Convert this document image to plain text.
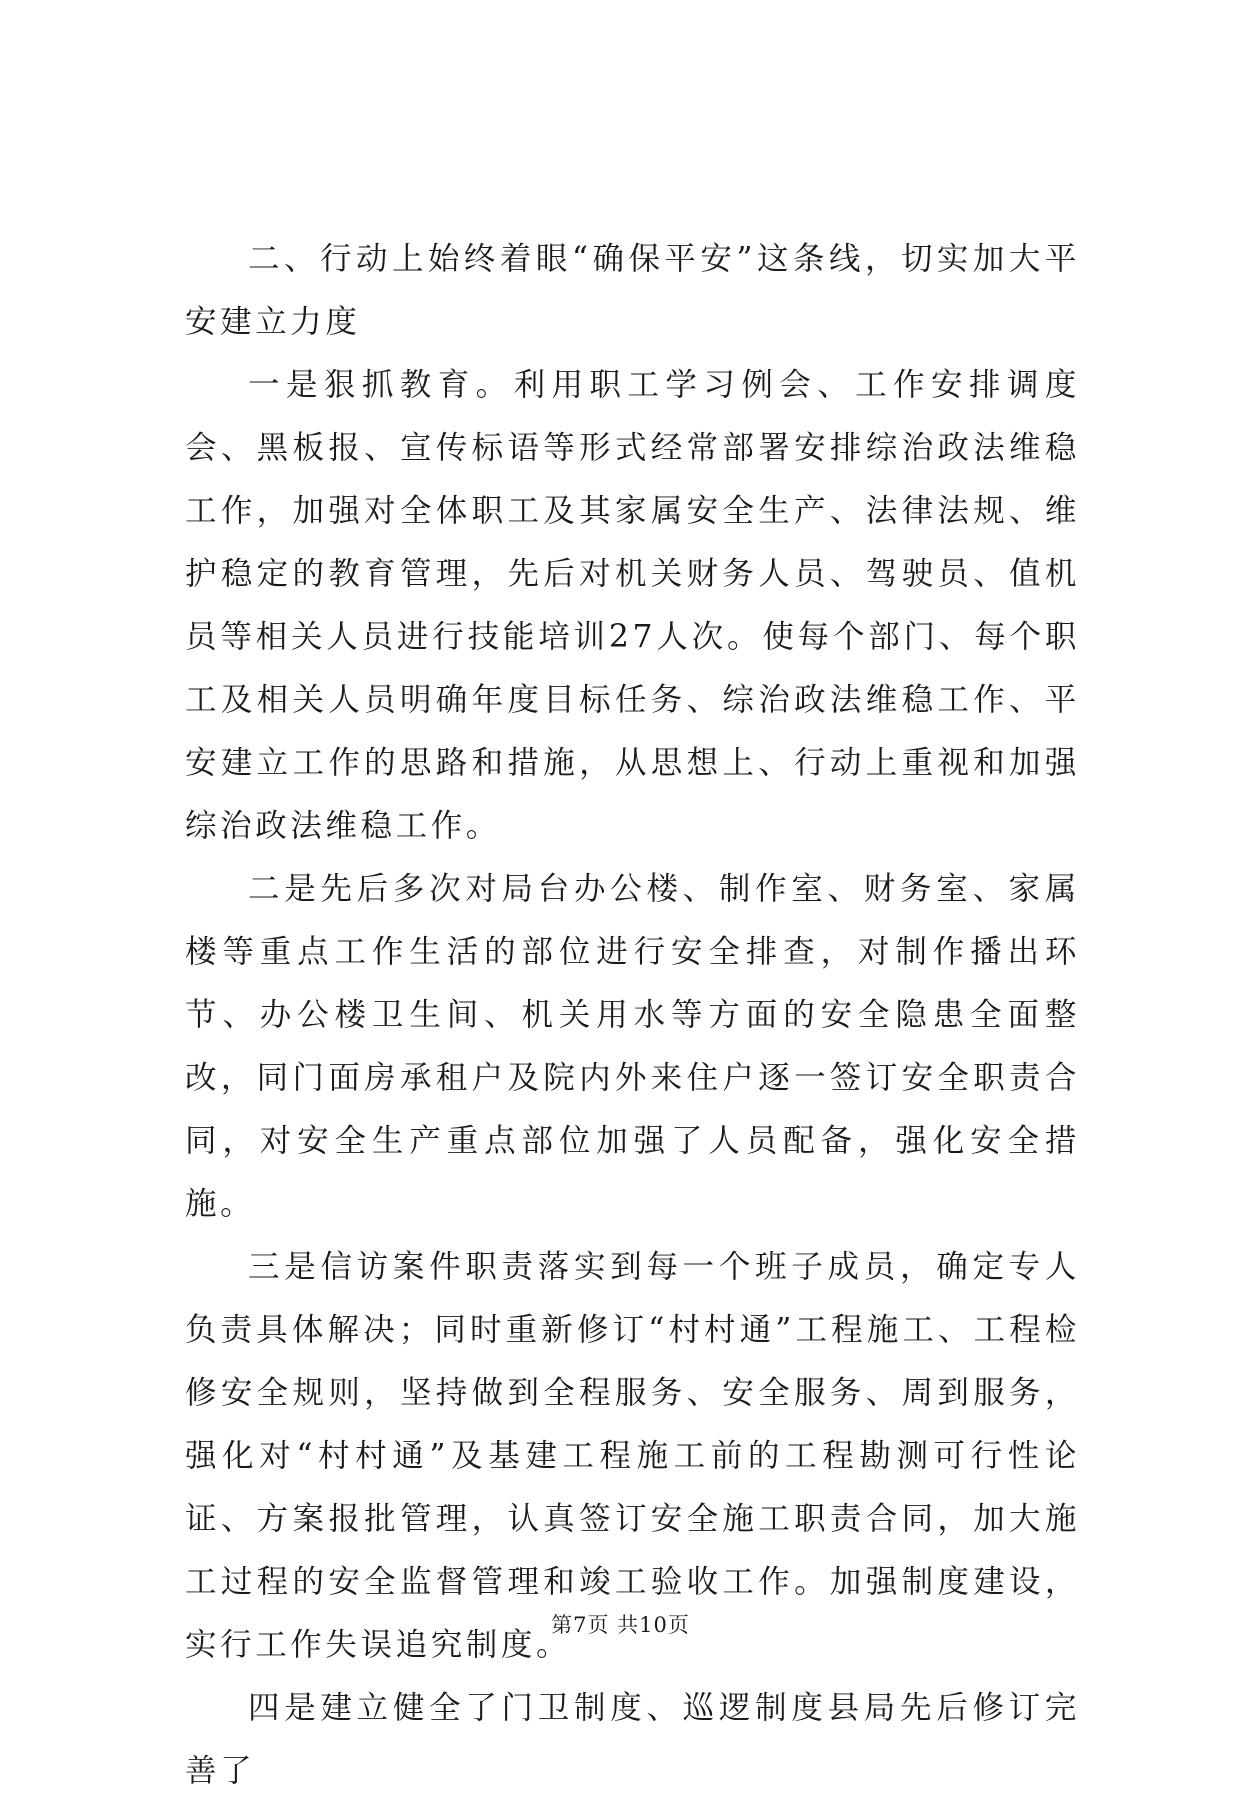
二、行动上始终着眼“确保平安”这条线，切实加大平安建立力度

一是狠抓教育。利用职工学习例会、工作安排调度会、黑板报、宣传标语等形式经常部署安排综治政法维稳工作，加强对全体职工及其家属安全生产、法律法规、维护稳定的教育管理，先后对机关财务人员、驾驶员、值机员等相关人员进行技能培训27人次。使每个部门、每个职工及相关人员明确年度目标任务、综治政法维稳工作、平安建立工作的思路和措施，从思想上、行动上重视和加强综治政法维稳工作。

二是先后多次对局台办公楼、制作室、财务室、家属楼等重点工作生活的部位进行安全排查，对制作播出环节、办公楼卫生间、机关用水等方面的安全隐患全面整改，同门面房承租户及院内外来住户逐一签订安全职责合同，对安全生产重点部位加强了人员配备，强化安全措施。

三是信访案件职责落实到每一个班子成员，确定专人负责具体解决；同时重新修订“村村通”工程施工、工程检修安全规则，坚持做到全程服务、安全服务、周到服务，强化对“村村通”及基建工程施工前的工程勘测可行性论证、方案报批管理，认真签订安全施工职责合同，加大施工过程的安全监督管理和竣工验收工作。加强制度建设，实行工作失误追究制度。

四是建立健全了门卫制度、巡逻制度县局先后修订完善了

第7页 共10页
